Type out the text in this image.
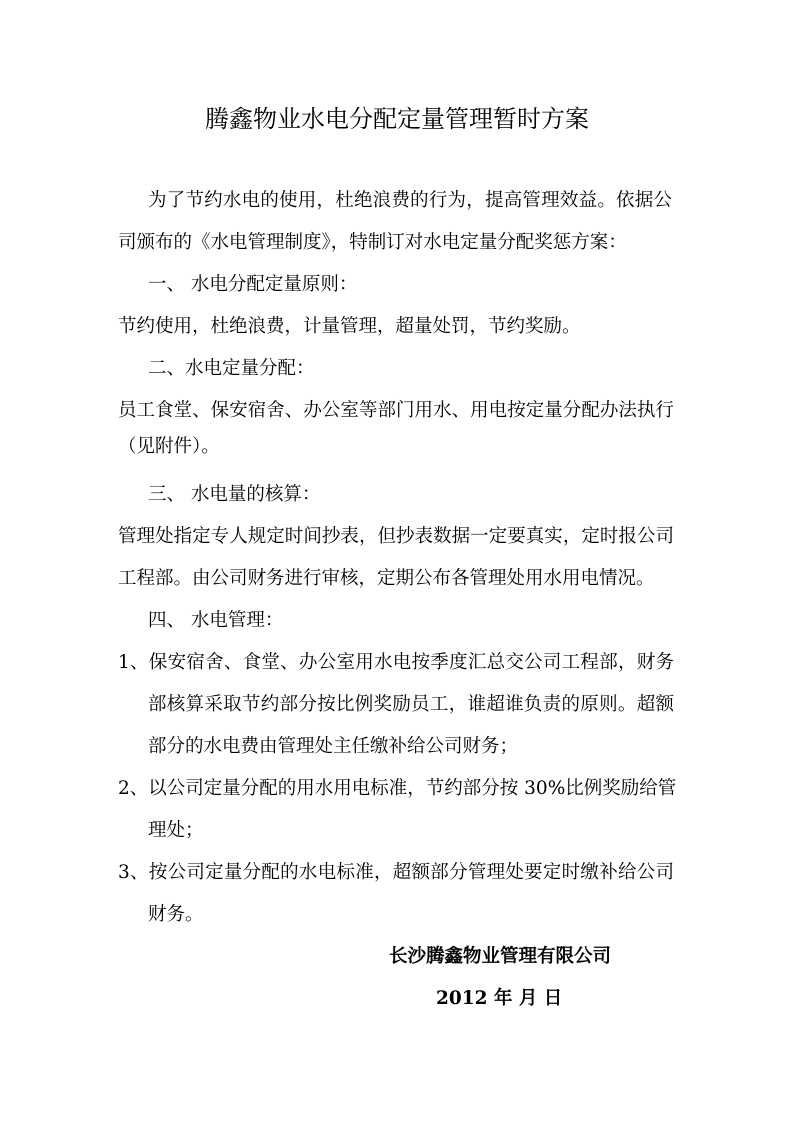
腾鑫物业水电分配定量管理暂时方案
为了节约水电的使用，杜绝浪费的行为，提高管理效益。依据公
司颁布的《水电管理制度》，特制订对水电定量分配奖惩方案：
一、 水电分配定量原则：
节约使用，杜绝浪费，计量管理，超量处罚，节约奖励。
二、水电定量分配：
员工食堂、保安宿舍、办公室等部门用水、用电按定量分配办法执行
（见附件）。
三、 水电量的核算：
管理处指定专人规定时间抄表，但抄表数据一定要真实，定时报公司
工程部。由公司财务进行审核，定期公布各管理处用水用电情况。
四、 水电管理：
1、保安宿舍、食堂、办公室用水电按季度汇总交公司工程部，财务
部核算采取节约部分按比例奖励员工，谁超谁负责的原则。超额
部分的水电费由管理处主任缴补给公司财务；
2、以公司定量分配的用水用电标准，节约部分按 30%比例奖励给管
理处；
3、按公司定量分配的水电标准，超额部分管理处要定时缴补给公司
财务。
长沙腾鑫物业管理有限公司
2012 年 月 日
